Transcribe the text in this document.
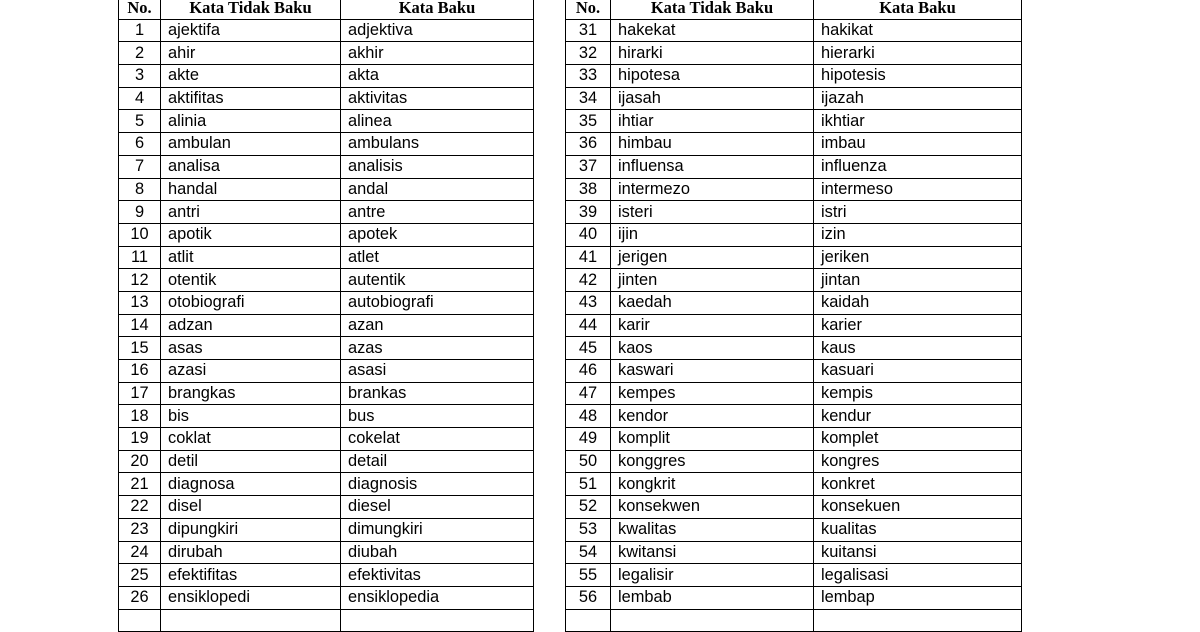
No.	Kata Tidak Baku	Kata Baku
1	ajektifa	adjektiva
2	ahir	akhir
3	akte	akta
4	aktifitas	aktivitas
5	alinia	alinea
6	ambulan	ambulans
7	analisa	analisis
8	handal	andal
9	antri	antre
10	apotik	apotek
11	atlit	atlet
12	otentik	autentik
13	otobiografi	autobiografi
14	adzan	azan
15	asas	azas
16	azasi	asasi
17	brangkas	brankas
18	bis	bus
19	coklat	cokelat
20	detil	detail
21	diagnosa	diagnosis
22	disel	diesel
23	dipungkiri	dimungkiri
24	dirubah	diubah
25	efektifitas	efektivitas
26	ensiklopedi	ensiklopedia

No.	Kata Tidak Baku	Kata Baku
31	hakekat	hakikat
32	hirarki	hierarki
33	hipotesa	hipotesis
34	ijasah	ijazah
35	ihtiar	ikhtiar
36	himbau	imbau
37	influensa	influenza
38	intermezo	intermeso
39	isteri	istri
40	ijin	izin
41	jerigen	jeriken
42	jinten	jintan
43	kaedah	kaidah
44	karir	karier
45	kaos	kaus
46	kaswari	kasuari
47	kempes	kempis
48	kendor	kendur
49	komplit	komplet
50	konggres	kongres
51	kongkrit	konkret
52	konsekwen	konsekuen
53	kwalitas	kualitas
54	kwitansi	kuitansi
55	legalisir	legalisasi
56	lembab	lembap
